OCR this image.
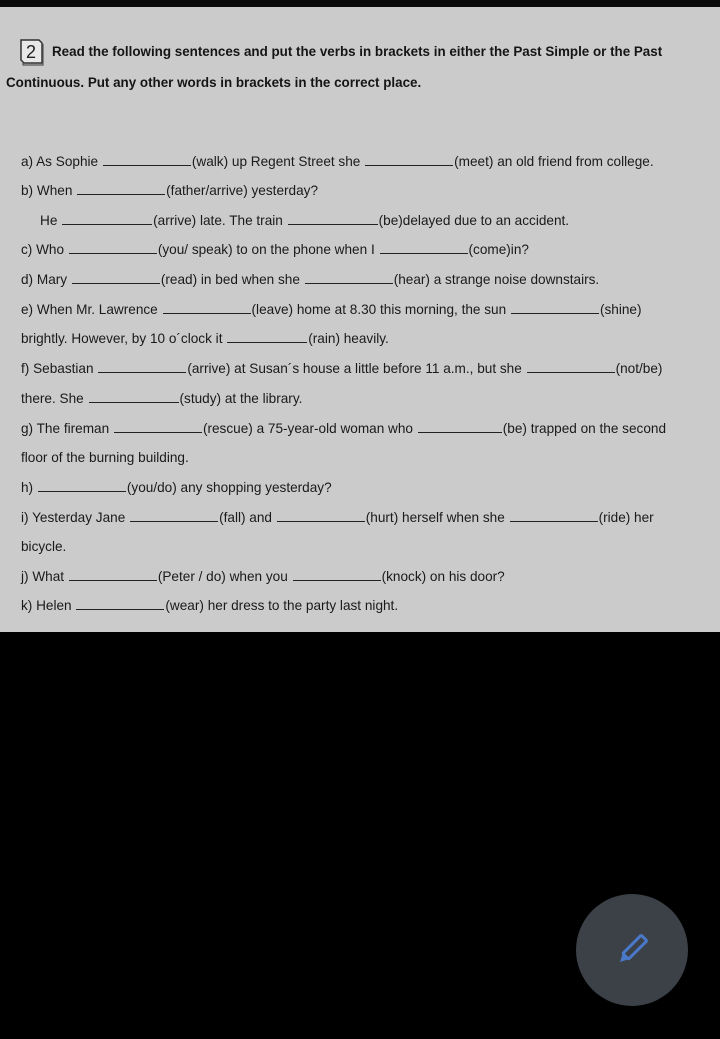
2 Read the following sentences and put the verbs in brackets in either the Past Simple or the Past
Continuous. Put any other words in brackets in the correct place.
a) As Sophie	(walk) up Regent Street she	(meet) an old friend from college.
b) When	(father/arrive) yesterday?
He	(arrive) late. The train	(be)delayed due to an accident.
c) Who	(you/ speak) to on the phone when I	(come)in?
d) Mary	(read) in bed when she	(hear) a strange noise downstairs.
e) When Mr. Lawrence	(leave) home at 8.30 this morning, the sun	(shine)
brightly. However, by 10 o´clock it	(rain) heavily.
f) Sebastian	(arrive) at Susan´s house a little before 11 a.m., but she	(not/be)
there. She	(study) at the library.
g) The fireman	(rescue) a 75-year-old woman who	(be) trapped on the second
floor of the burning building.
h)	(you/do) any shopping yesterday?
i) Yesterday Jane	(fall) and	(hurt) herself when she	(ride) her
bicycle.
j) What	(Peter / do) when you	(knock) on his door?
k) Helen	(wear) her dress to the party last night.
